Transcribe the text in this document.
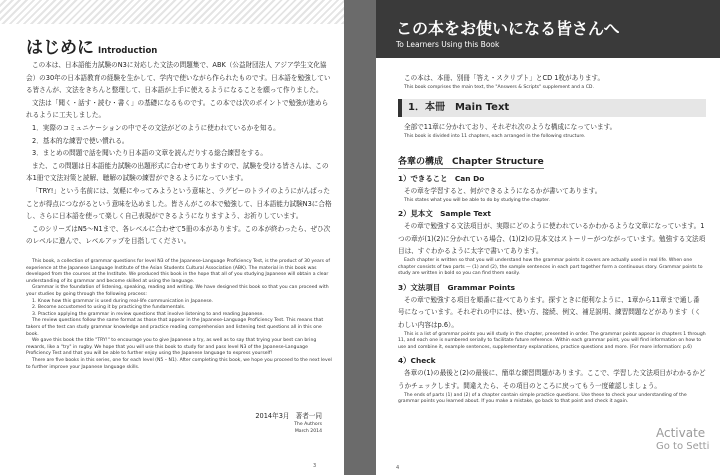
はじめに Introduction

この本は、日本語能力試験のN3に対応した文法の問題集で、ABK（公益財団法人 アジア学生文化協会）の30年の日本語教育の経験を生かして、学内で使いながら作られたものです。日本語を勉強している皆さんが、文法をきちんと整理して、日本語が上手に使えるようになることを願って作りました。

文法は「聞く・話す・読む・書く」の基礎になるものです。この本では次のポイントで勉強が進められるように工夫しました。

1．実際のコミュニケーションの中でその文法がどのように使われているかを知る。

2．基本的な練習で使い慣れる。

3．まとめの問題で話を聞いたり日本語の文章を読んだりする総合練習をする。

また、この問題は日本語能力試験の出題形式に合わせてありますので、試験を受ける皆さんは、この本1冊で文法対策と読解、聴解の試験の練習ができるようになっています。

「TRY!」という名前には、気軽にやってみようという意味と、ラグビーのトライのようにがんばったことが得点につながるという意味を込めました。皆さんがこの本で勉強して、日本語能力試験N3に合格し、さらに日本語を使って楽しく自己表現ができるようになりますよう、お祈りしています。

このシリーズはN5〜N1まで、各レベルに合わせて5冊の本があります。この本が終わったら、ぜひ次のレベルに進んで、レベルアップを目指してください。

This book, a collection of grammar questions for level N3 of the Japanese-Language Proficiency Test, is the product of 30 years of experience at the Japanese Language Institute of the Asian Students Cultural Association (ABK). The material in this book was developed from the courses at the Institute. We produced this book in the hope that all of you studying Japanese will obtain a clear understanding of its grammar and become skilled at using the language.

Grammar is the foundation of listening, speaking, reading and writing. We have designed this book so that you can proceed with your studies by going through the following process:

1. Know how this grammar is used during real-life communication in Japanese.

2. Become accustomed to using it by practicing the fundamentals.

3. Practice applying the grammar in review questions that involve listening to and reading Japanese.

The review questions follow the same format as those that appear in the Japanese-Language Proficiency Test. This means that takers of the test can study grammar knowledge and practice reading comprehension and listening test questions all in this one book.

We gave this book the title "TRY!" to encourage you to give Japanese a try, as well as to say that trying your best can bring rewards, like a "try" in rugby. We hope that you will use this book to study for and pass level N3 of the Japanese-Language Proficiency Test and that you will be able to further enjoy using the Japanese language to express yourself!

There are five books in this series, one for each level (N5 – N1). After completing this book, we hope you proceed to the next level to further improve your Japanese language skills.

2014年3月 著者一同
The Authors
March 2014
3
この本をお使いになる皆さんへ
To Learners Using this Book

この本は、本冊、別冊「答え・スクリプト」とCD 1枚があります。

This book comprises the main text, the "Answers & Scripts" supplement and a CD.

1．本冊　Main Text

全部で11章に分かれており、それぞれ次のような構成になっています。

This book is divided into 11 chapters, each arranged in the following structure.

各章の構成　Chapter Structure
1）できること　Can Do

その章を学習すると、何ができるようになるかが書いてあります。

This states what you will be able to do by studying the chapter.

2）見本文　Sample Text

その章で勉強する文法項目が、実際にどのように使われているかわかるような文章になっています。1つの章が(1)(2)に分かれている場合、(1)(2)の見本文はストーリーがつながっています。勉強する文法項目は、すぐわかるように太字で書いてあります。

Each chapter is written so that you will understand how the grammar points it covers are actually used in real life. When one chapter consists of two parts — (1) and (2), the sample sentences in each part together form a continuous story. Grammar points to study are written in bold so you can find them easily.

3）文法項目　Grammar Points

その章で勉強する項目を順番に並べてあります。探すときに便利なように、1章から11章まで通し番号になっています。それぞれの中には、使い方、接続、例文、補足説明、練習問題などがあります（くわしい内容はp.6）。

This is a list of grammar points you will study in the chapter, presented in order. The grammar points appear in chapters 1 through 11, and each one is numbered serially to facilitate future reference. Within each grammar point, you will find information on how to use and combine it, example sentences, supplementary explanations, practice questions and more. (For more information: p.6)

4）Check

各章の(1)の最後と(2)の最後に、簡単な練習問題があります。ここで、学習した文法項目がわかるかどうかチェックします。間違えたら、その項目のところに戻ってもう一度確認しましょう。

The ends of parts (1) and (2) of a chapter contain simple practice questions. Use these to check your understanding of the grammar points you learned about. If you make a mistake, go back to that point and check it again.

4
Activate
Go to Setti
